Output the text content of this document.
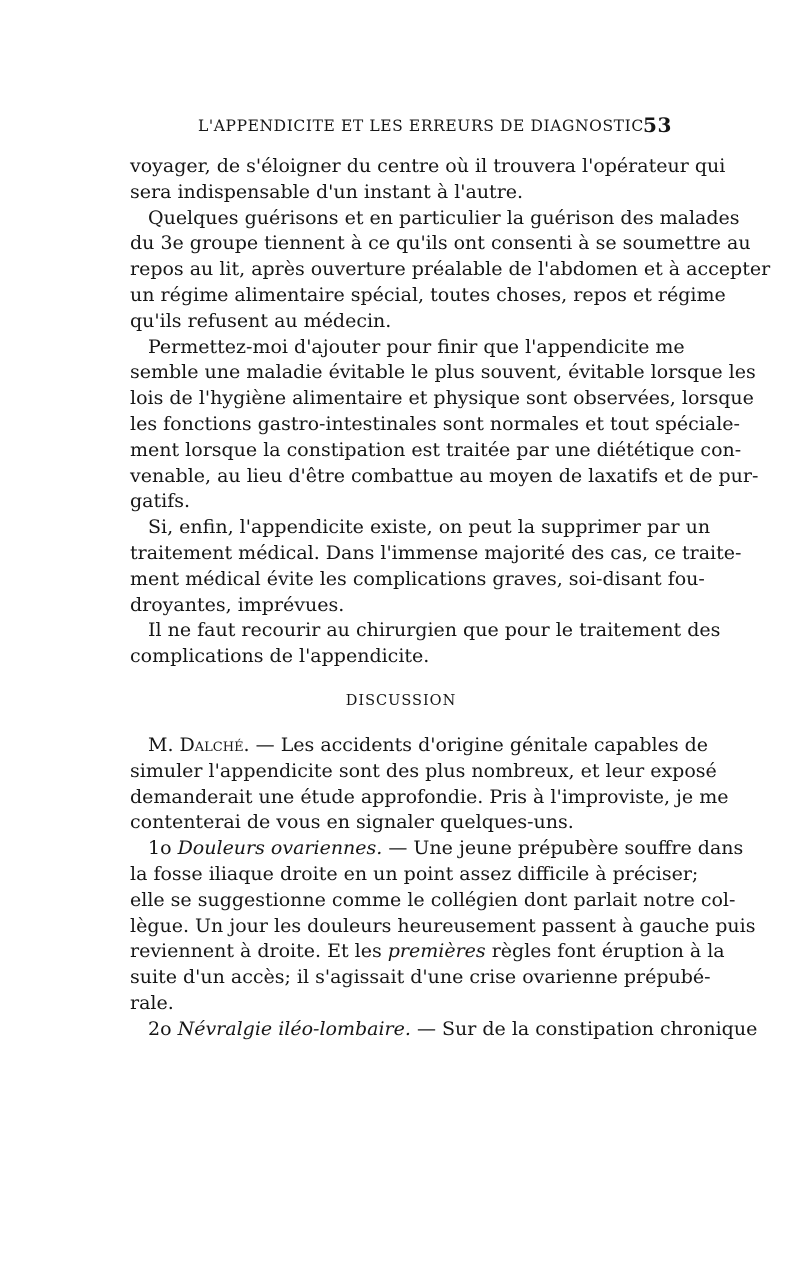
L'APPENDICITE ET LES ERREURS DE DIAGNOSTIC 53
voyager, de s'éloigner du centre où il trouvera l'opérateur qui
sera indispensable d'un instant à l'autre.
Quelques guérisons et en particulier la guérison des malades
du 3e groupe tiennent à ce qu'ils ont consenti à se soumettre au
repos au lit, après ouverture préalable de l'abdomen et à accepter
un régime alimentaire spécial, toutes choses, repos et régime
qu'ils refusent au médecin.
Permettez-moi d'ajouter pour finir que l'appendicite me
semble une maladie évitable le plus souvent, évitable lorsque les
lois de l'hygiène alimentaire et physique sont observées, lorsque
les fonctions gastro-intestinales sont normales et tout spéciale-
ment lorsque la constipation est traitée par une diététique con-
venable, au lieu d'être combattue au moyen de laxatifs et de pur-
gatifs.
Si, enfin, l'appendicite existe, on peut la supprimer par un
traitement médical. Dans l'immense majorité des cas, ce traite-
ment médical évite les complications graves, soi-disant fou-
droyantes, imprévues.
Il ne faut recourir au chirurgien que pour le traitement des
complications de l'appendicite.
DISCUSSION
M. Dalché. — Les accidents d'origine génitale capables de
simuler l'appendicite sont des plus nombreux, et leur exposé
demanderait une étude approfondie. Pris à l'improviste, je me
contenterai de vous en signaler quelques-uns.
1o Douleurs ovariennes. — Une jeune prépubère souffre dans
la fosse iliaque droite en un point assez difficile à préciser;
elle se suggestionne comme le collégien dont parlait notre col-
lègue. Un jour les douleurs heureusement passent à gauche puis
reviennent à droite. Et les premières règles font éruption à la
suite d'un accès; il s'agissait d'une crise ovarienne prépubé-
rale.
2o Névralgie iléo-lombaire. — Sur de la constipation chronique
